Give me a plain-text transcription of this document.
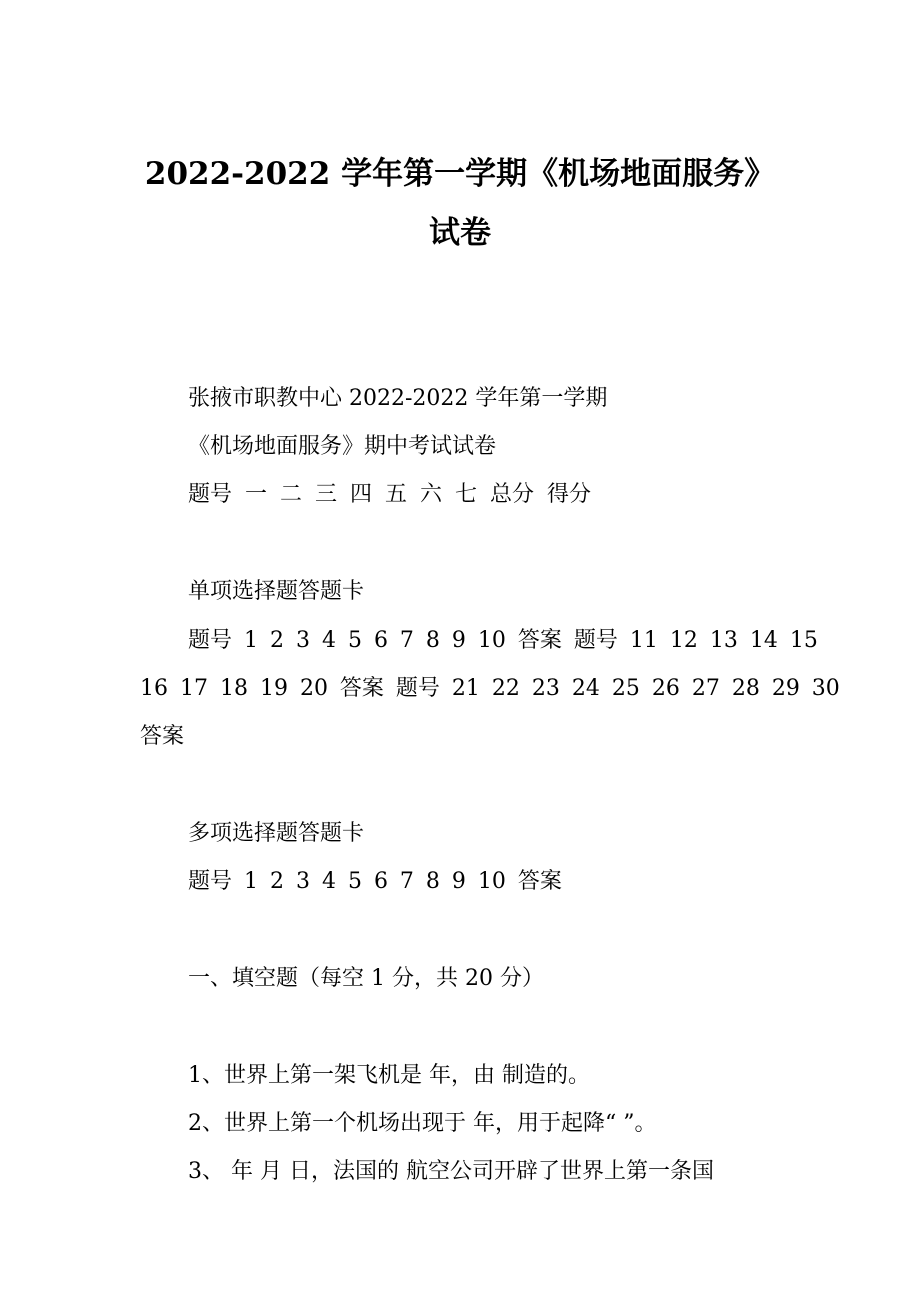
2022-2022 学年第一学期《机场地面服务》
试卷
张掖市职教中心 2022-2022 学年第一学期
《机场地面服务》期中考试试卷
题号 一 二 三 四 五 六 七 总分 得分
单项选择题答题卡
题号 1 2 3 4 5 6 7 8 9 10 答案 题号 11 12 13 14 15
16 17 18 19 20 答案 题号 21 22 23 24 25 26 27 28 29 30
答案
多项选择题答题卡
题号 1 2 3 4 5 6 7 8 9 10 答案
一、填空题（每空 1 分，共 20 分）
1、世界上第一架飞机是 年，由 制造的。
2、世界上第一个机场出现于 年，用于起降“ ”。
3、 年 月 日，法国的 航空公司开辟了世界上第一条国
